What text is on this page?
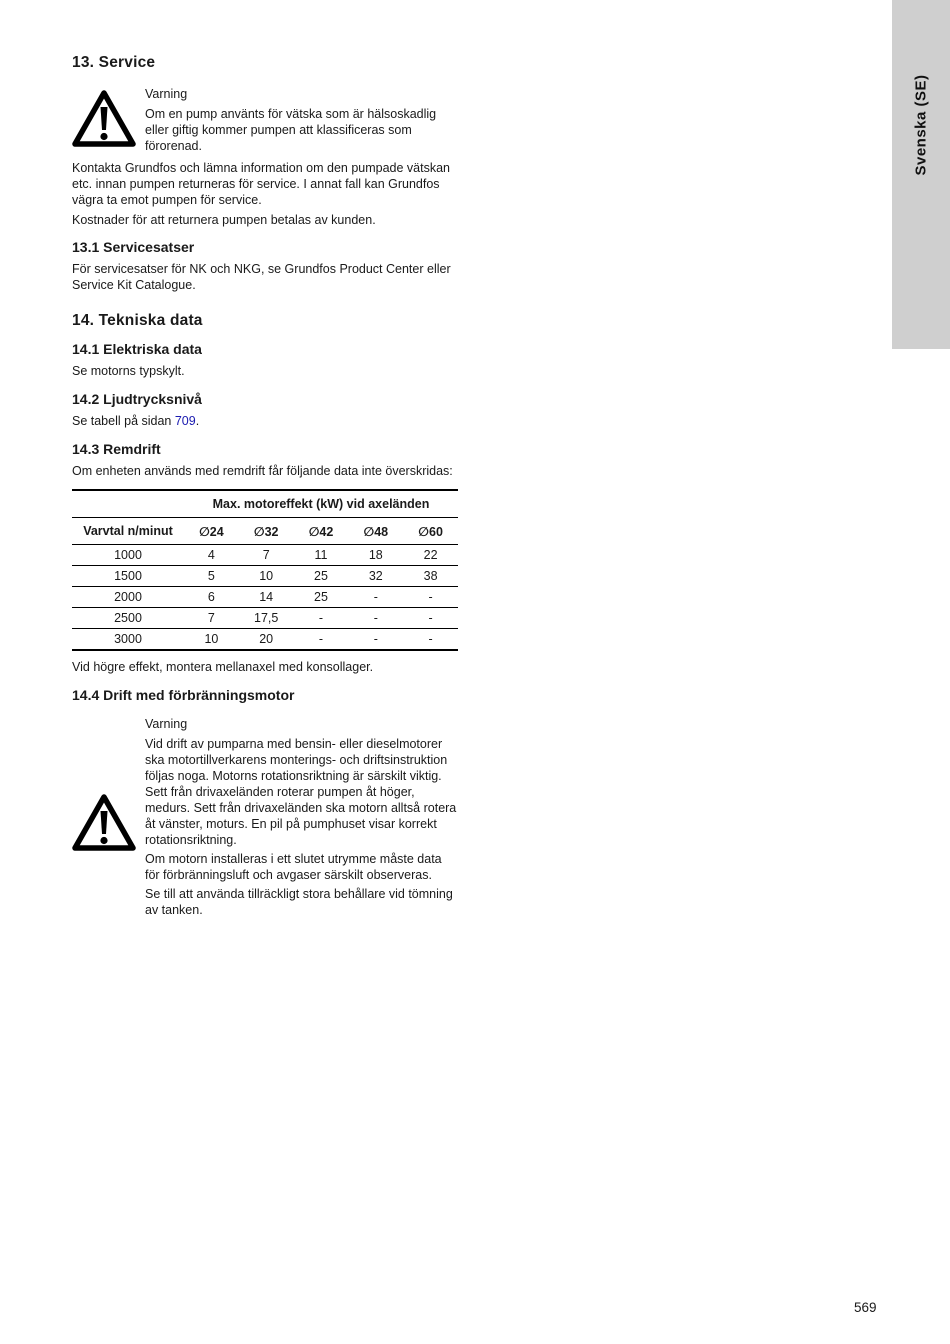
Svenska (SE)
13. Service
Varning
Om en pump använts för vätska som är hälsoskadlig eller giftig kommer pumpen att klassificeras som förorenad.
Kontakta Grundfos och lämna information om den pumpade vätskan etc. innan pumpen returneras för service. I annat fall kan Grundfos vägra ta emot pumpen för service.
Kostnader för att returnera pumpen betalas av kunden.
13.1 Servicesatser
För servicesatser för NK och NKG, se Grundfos Product Center eller Service Kit Catalogue.
14. Tekniska data
14.1 Elektriska data
Se motorns typskylt.
14.2 Ljudtrycksnivå
Se tabell på sidan 709.
14.3 Remdrift
Om enheten används med remdrift får följande data inte överskridas:
	Max. motoreffekt (kW) vid axeländen				
Varvtal n/minut	∅24	∅32	∅42	∅48	∅60
1000	4	7	11	18	22
1500	5	10	25	32	38
2000	6	14	25	-	-
2500	7	17,5	-	-	-
3000	10	20	-	-	-
Vid högre effekt, montera mellanaxel med konsollager.
14.4 Drift med förbränningsmotor
Varning
Vid drift av pumparna med bensin- eller dieselmotorer ska motortillverkarens monterings- och driftsinstruktion följas noga. Motorns rotationsriktning är särskilt viktig. Sett från drivaxeländen roterar pumpen åt höger, medurs. Sett från drivaxeländen ska motorn alltså rotera åt vänster, moturs. En pil på pumphuset visar korrekt rotationsriktning.
Om motorn installeras i ett slutet utrymme måste data för förbränningsluft och avgaser särskilt observeras.
Se till att använda tillräckligt stora behållare vid tömning av tanken.
569
